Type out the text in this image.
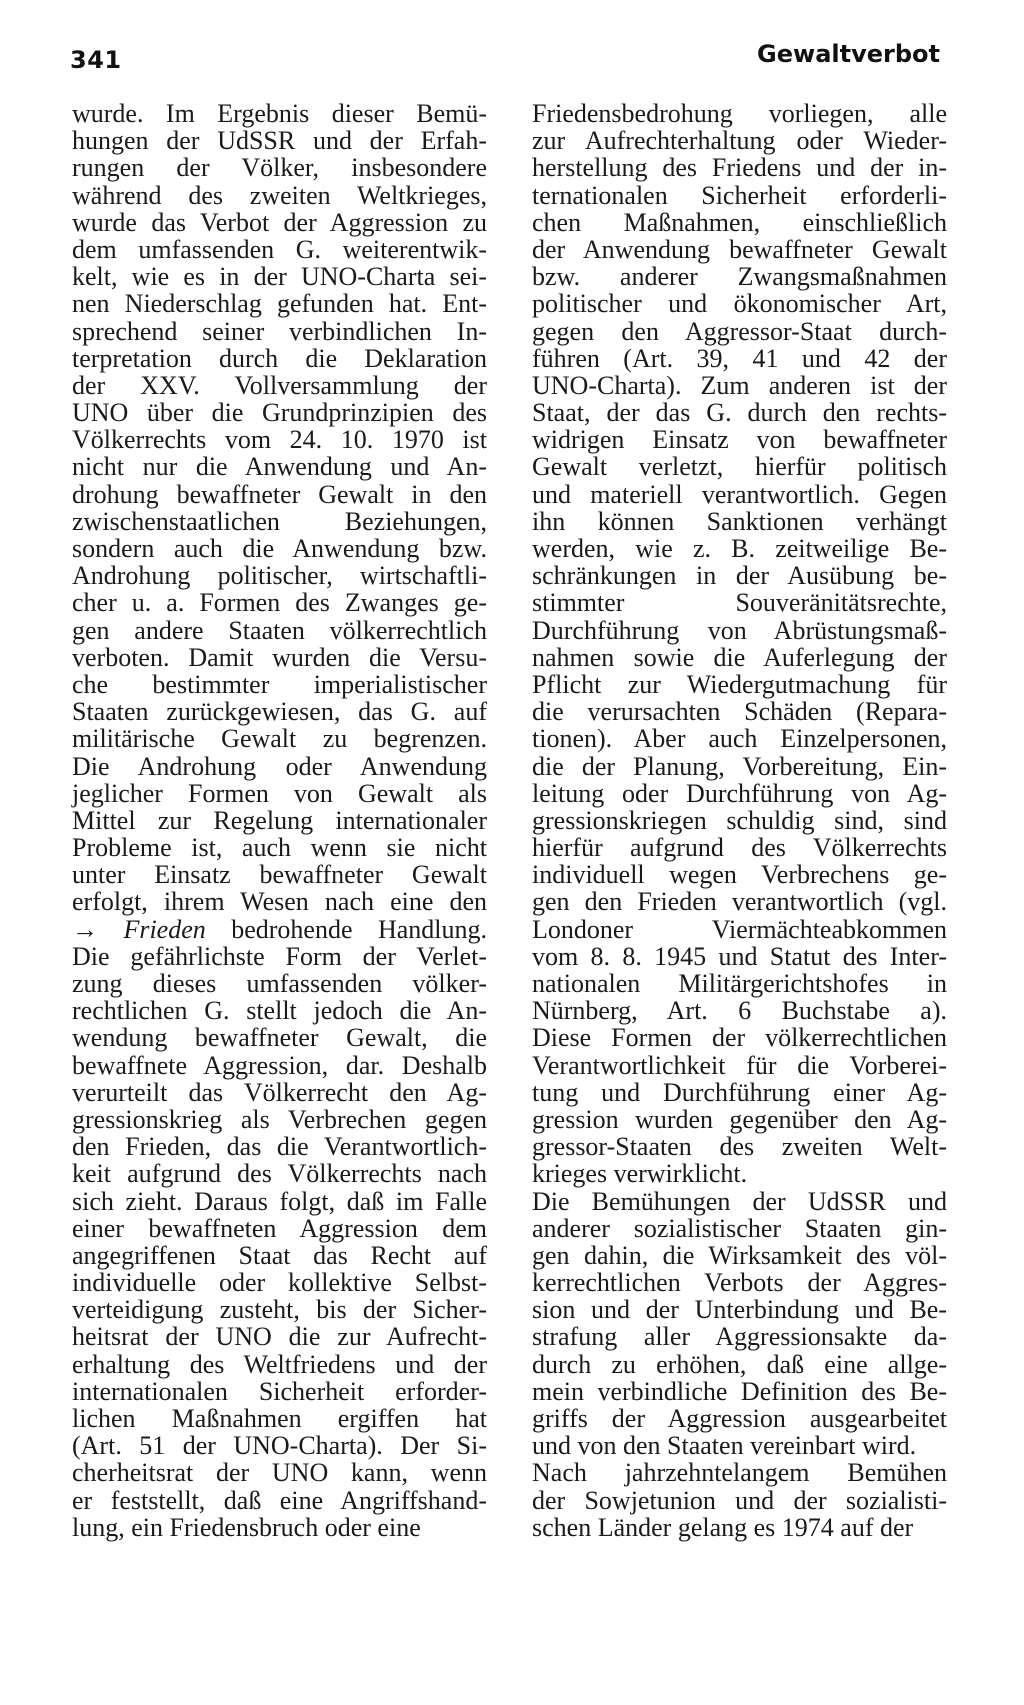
341	Gewaltverbot
wurde. Im Ergebnis dieser Bemü-
hungen der UdSSR und der Erfah-
rungen der Völker, insbesondere
während des zweiten Weltkrieges,
wurde das Verbot der Aggression zu
dem umfassenden G. weiterentwik-
kelt, wie es in der UNO-Charta sei-
nen Niederschlag gefunden hat. Ent-
sprechend seiner verbindlichen In-
terpretation durch die Deklaration
der XXV. Vollversammlung der
UNO über die Grundprinzipien des
Völkerrechts vom 24. 10. 1970 ist
nicht nur die Anwendung und An-
drohung bewaffneter Gewalt in den
zwischenstaatlichen Beziehungen,
sondern auch die Anwendung bzw.
Androhung politischer, wirtschaftli-
cher u. a. Formen des Zwanges ge-
gen andere Staaten völkerrechtlich
verboten. Damit wurden die Versu-
che bestimmter imperialistischer
Staaten zurückgewiesen, das G. auf
militärische Gewalt zu begrenzen.
Die Androhung oder Anwendung
jeglicher Formen von Gewalt als
Mittel zur Regelung internationaler
Probleme ist, auch wenn sie nicht
unter Einsatz bewaffneter Gewalt
erfolgt, ihrem Wesen nach eine den
→ Frieden bedrohende Handlung.
Die gefährlichste Form der Verlet-
zung dieses umfassenden völker-
rechtlichen G. stellt jedoch die An-
wendung bewaffneter Gewalt, die
bewaffnete Aggression, dar. Deshalb
verurteilt das Völkerrecht den Ag-
gressionskrieg als Verbrechen gegen
den Frieden, das die Verantwortlich-
keit aufgrund des Völkerrechts nach
sich zieht. Daraus folgt, daß im Falle
einer bewaffneten Aggression dem
angegriffenen Staat das Recht auf
individuelle oder kollektive Selbst-
verteidigung zusteht, bis der Sicher-
heitsrat der UNO die zur Aufrecht-
erhaltung des Weltfriedens und der
internationalen Sicherheit erforder-
lichen Maßnahmen ergiffen hat
(Art. 51 der UNO-Charta). Der Si-
cherheitsrat der UNO kann, wenn
er feststellt, daß eine Angriffshand-
lung, ein Friedensbruch oder eine
Friedensbedrohung vorliegen, alle
zur Aufrechterhaltung oder Wieder-
herstellung des Friedens und der in-
ternationalen Sicherheit erforderli-
chen Maßnahmen, einschließlich
der Anwendung bewaffneter Gewalt
bzw. anderer Zwangsmaßnahmen
politischer und ökonomischer Art,
gegen den Aggressor-Staat durch-
führen (Art. 39, 41 und 42 der
UNO-Charta). Zum anderen ist der
Staat, der das G. durch den rechts-
widrigen Einsatz von bewaffneter
Gewalt verletzt, hierfür politisch
und materiell verantwortlich. Gegen
ihn können Sanktionen verhängt
werden, wie z. B. zeitweilige Be-
schränkungen in der Ausübung be-
stimmter Souveränitätsrechte,
Durchführung von Abrüstungsmaß-
nahmen sowie die Auferlegung der
Pflicht zur Wiedergutmachung für
die verursachten Schäden (Repara-
tionen). Aber auch Einzelpersonen,
die der Planung, Vorbereitung, Ein-
leitung oder Durchführung von Ag-
gressionskriegen schuldig sind, sind
hierfür aufgrund des Völkerrechts
individuell wegen Verbrechens ge-
gen den Frieden verantwortlich (vgl.
Londoner Viermächteabkommen
vom 8. 8. 1945 und Statut des Inter-
nationalen Militärgerichtshofes in
Nürnberg, Art. 6 Buchstabe a).
Diese Formen der völkerrechtlichen
Verantwortlichkeit für die Vorberei-
tung und Durchführung einer Ag-
gression wurden gegenüber den Ag-
gressor-Staaten des zweiten Welt-
krieges verwirklicht.
Die Bemühungen der UdSSR und
anderer sozialistischer Staaten gin-
gen dahin, die Wirksamkeit des völ-
kerrechtlichen Verbots der Aggres-
sion und der Unterbindung und Be-
strafung aller Aggressionsakte da-
durch zu erhöhen, daß eine allge-
mein verbindliche Definition des Be-
griffs der Aggression ausgearbeitet
und von den Staaten vereinbart wird.
Nach jahrzehntelangem Bemühen
der Sowjetunion und der sozialisti-
schen Länder gelang es 1974 auf der
